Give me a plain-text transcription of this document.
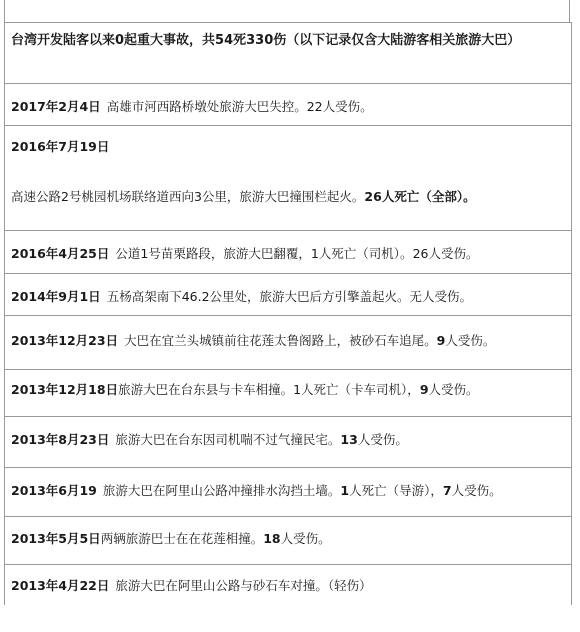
台湾开发陆客以来0起重大事故，共54死330伤（以下记录仅含大陆游客相关旅游大巴）
2017年2月4日 高雄市河西路桥墩处旅游大巴失控。22人受伤。
2016年7月19日
高速公路2号桃园机场联络道西向3公里，旅游大巴撞围栏起火。26人死亡（全部）。
2016年4月25日 公道1号苗栗路段，旅游大巴翻覆，1人死亡（司机）。26人受伤。
2014年9月1日 五杨高架南下46.2公里处，旅游大巴后方引擎盖起火。无人受伤。
2013年12月23日 大巴在宜兰头城镇前往花莲太鲁阁路上，被砂石车追尾。9人受伤。
2013年12月18日旅游大巴在台东县与卡车相撞。1人死亡（卡车司机），9人受伤。
2013年8月23日 旅游大巴在台东因司机喘不过气撞民宅。13人受伤。
2013年6月19 旅游大巴在阿里山公路冲撞排水沟挡土墙。1人死亡（导游），7人受伤。
2013年5月5日两辆旅游巴士在在花莲相撞。18人受伤。
2013年4月22日 旅游大巴在阿里山公路与砂石车对撞。（轻伤）
